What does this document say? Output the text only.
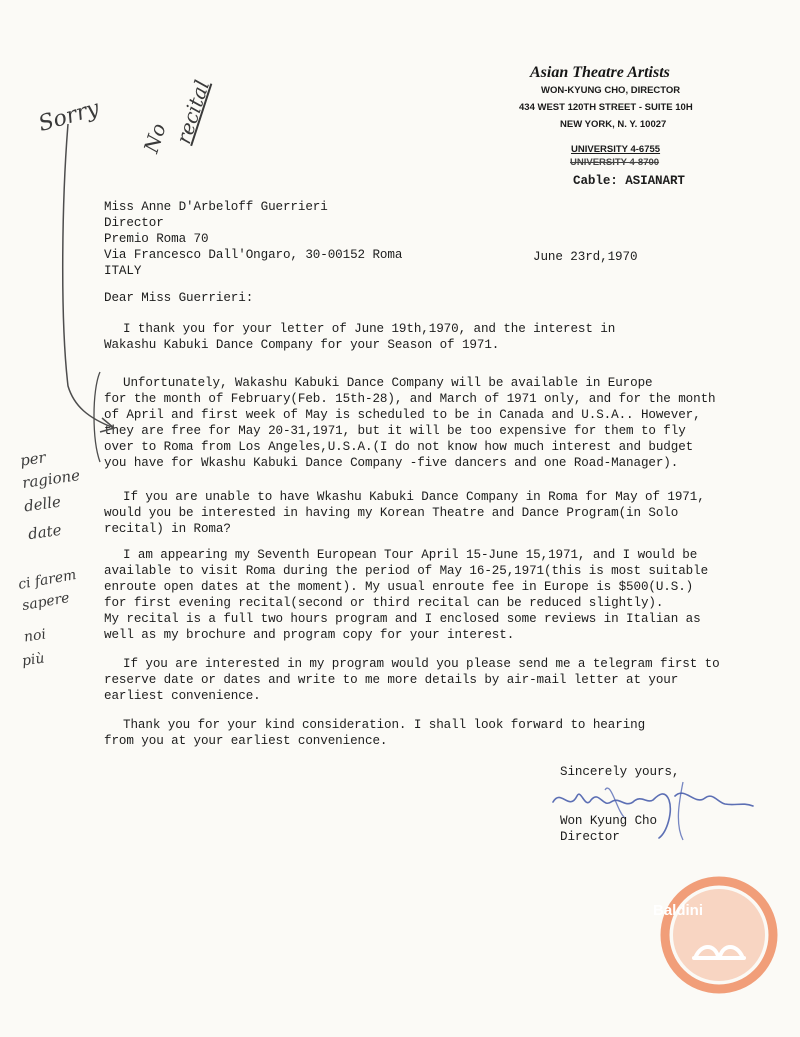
Asian Theatre Artists
WON-KYUNG CHO, DIRECTOR
434 WEST 120TH STREET - SUITE 10H
NEW YORK, N. Y. 10027
UNIVERSITY 4-6755
UNIVERSITY 4-8700
Cable: ASIANART
Miss Anne D'Arbeloff Guerrieri
Director
Premio Roma 70
Via Francesco Dall'Ongaro, 30-00152 Roma
ITALY
June 23rd,1970
Dear Miss Guerrieri:
I thank you for your letter of June 19th,1970, and the interest in
Wakashu Kabuki Dance Company for your Season of 1971.
Unfortunately, Wakashu Kabuki Dance Company will be available in Europe
for the month of February(Feb. 15th-28), and March of 1971 only, and for the month
of April and first week of May is scheduled to be in Canada and U.S.A.. However,
they are free for May 20-31,1971, but it will be too expensive for them to fly
over to Roma from Los Angeles,U.S.A.(I do not know how much interest and budget
you have for Wkashu Kabuki Dance Company -five dancers and one Road-Manager).
If you are unable to have Wkashu Kabuki Dance Company in Roma for May of 1971,
would you be interested in having my Korean Theatre and Dance Program(in Solo
recital) in Roma?
I am appearing my Seventh European Tour April 15-June 15,1971, and I would be
available to visit Roma during the period of May 16-25,1971(this is most suitable
enroute open dates at the moment). My usual enroute fee in Europe is $500(U.S.)
for first evening recital(second or third recital can be reduced slightly).
My recital is a full two hours program and I enclosed some reviews in Italian as
well as my brochure and program copy for your interest.
If you are interested in my program would you please send me a telegram first to
reserve date or dates and write to me more details by air-mail letter at your
earliest convenience.
Thank you for your kind consideration. I shall look forward to hearing
from you at your earliest convenience.
Sincerely yours,
Won Kyung Cho
Director

Baldini

Sorry
No recital
per
ragione
delle
date
ci farem
sapere
noi
più
